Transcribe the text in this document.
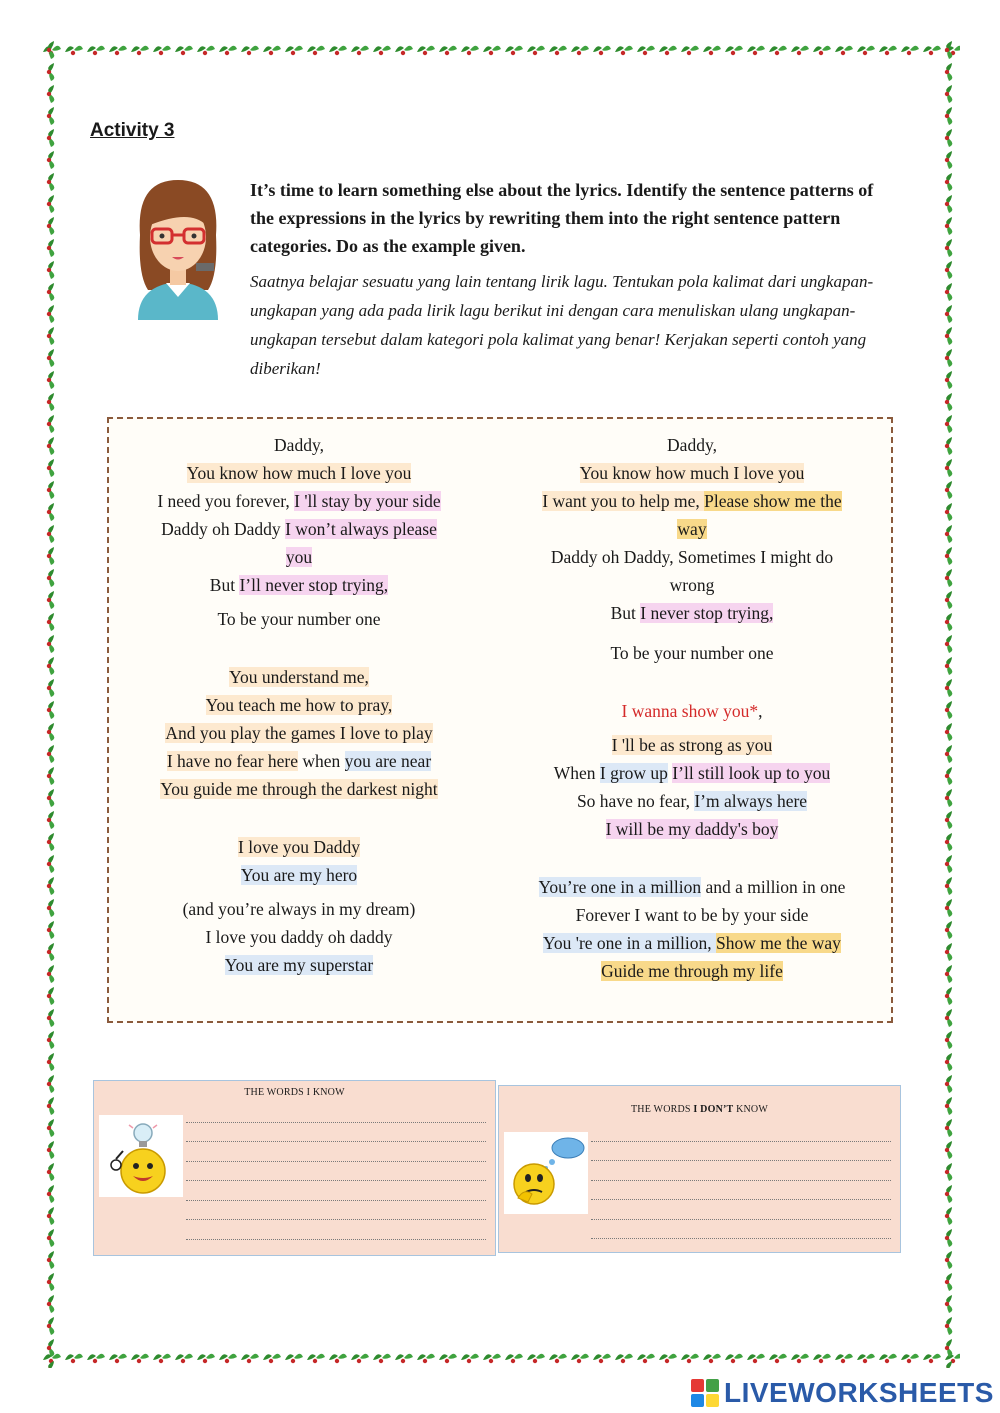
Activity 3
It’s time to learn something else about the lyrics. Identify the sentence patterns of the expressions in the lyrics by rewriting them into the right sentence pattern categories. Do as the example given.
Saatnya belajar sesuatu yang lain tentang lirik lagu. Tentukan pola kalimat dari ungkapan-ungkapan yang ada pada lirik lagu berikut ini dengan cara menuliskan ulang ungkapan-ungkapan tersebut dalam kategori pola kalimat yang benar! Kerjakan seperti contoh yang diberikan!
Daddy,
You know how much I love you
I need you forever, I 'll stay by your side
Daddy oh Daddy I won’t always please
you
But I’ll never stop trying,
To be your number one
You understand me,
You teach me how to pray,
And you play the games I love to play
I have no fear here when you are near
You guide me through the darkest night
I love you Daddy
You are my hero
(and you’re always in my dream)
I love you daddy oh daddy
You are my superstar
Daddy,
You know how much I love you
I want you to help me, Please show me the
way
Daddy oh Daddy, Sometimes I might do
wrong
But I never stop trying,
To be your number one
I wanna show you*,
I 'll be as strong as you
When I grow up I’ll still look up to you
So have no fear, I’m always here
I will be my daddy's boy
You’re one in a million and a million in one
Forever I want to be by your side
You 're one in a million, Show me the way
Guide me through my life
THE WORDS I KNOW
THE WORDS I DON’T KNOW
LIVEWORKSHEETS
